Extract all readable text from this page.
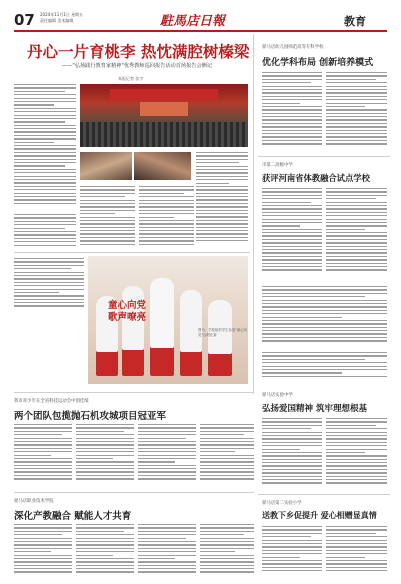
07 2024年11月1日 星期五
责任编辑 美术编辑	駐馬店日報	教育
丹心一片育桃李 热忱满腔树榛梁
——"弘扬践行教育家精神"优秀教师巡回报告活动首场报告会侧记
本报记者 张宇
驿马店幼儿园师范高等专科学校
优化学科布局 创新培养模式
市第二高级中学
获评河南省体教融合试点学校
童心向党 歌声嘹亮
图为：学校组织学生参加"童心向党"合唱比赛
我市青少年在全省科技运动会中创佳绩
两个团队包揽抛石机攻城项目冠亚军
驿马店实验中学
弘扬爱国精神 筑牢理想根基
驿马店职业技术学院
深化产教融合 赋能人才共育
驿马店第二实验小学
送教下乡促提升 爱心相赠显真情
